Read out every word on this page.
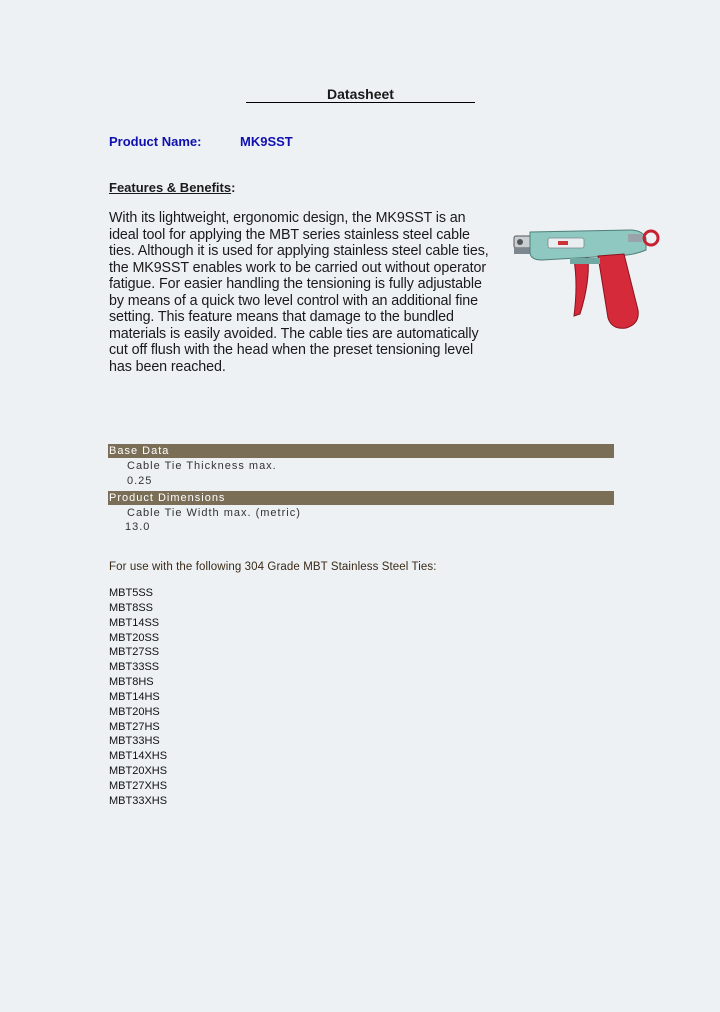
Datasheet
Product Name:	MK9SST
Features & Benefits:
With its lightweight, ergonomic design, the MK9SST is an ideal tool for applying the MBT series stainless steel cable ties. Although it is used for applying stainless steel cable ties, the MK9SST enables work to be carried out without operator fatigue. For easier handling the tensioning is fully adjustable by means of a quick two level control with an additional fine setting. This feature means that damage to the bundled materials is easily avoided. The cable ties are automatically cut off flush with the head when the preset tensioning level has been reached.
Base Data
Cable Tie Thickness max.
0.25
Product Dimensions
Cable Tie Width max. (metric)
13.0
For use with the following 304 Grade MBT Stainless Steel Ties:
MBT5SS
MBT8SS
MBT14SS
MBT20SS
MBT27SS
MBT33SS
MBT8HS
MBT14HS
MBT20HS
MBT27HS
MBT33HS
MBT14XHS
MBT20XHS
MBT27XHS
MBT33XHS
